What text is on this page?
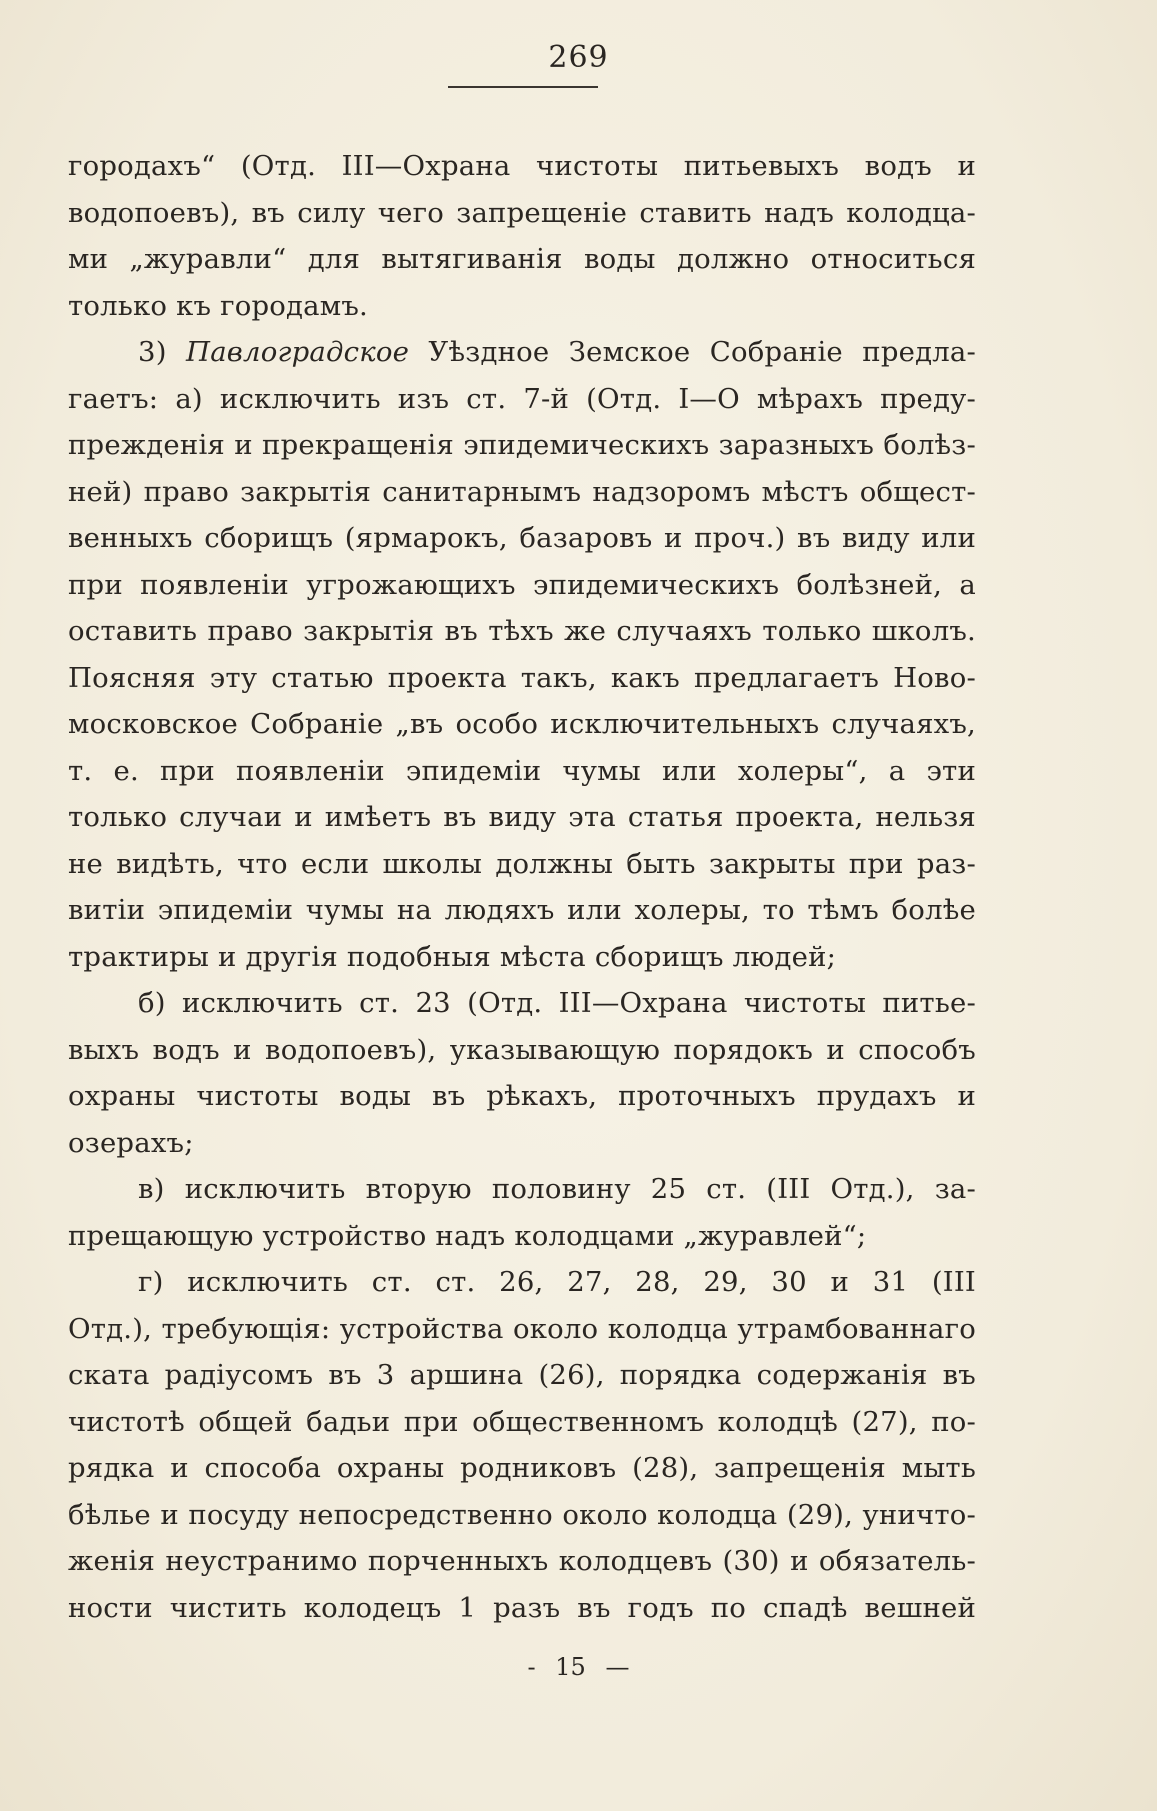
269
городахъ“ (Отд. III—Охрана чистоты питьевыхъ водъ и
водопоевъ), въ силу чего запрещеніе ставить надъ колодца-
ми „журавли“ для вытягиванія воды должно относиться
только къ городамъ.
3) Павлоградское Уѣздное Земское Собраніе предла-
гаетъ: а) исключить изъ ст. 7-й (Отд. I—О мѣрахъ преду-
прежденія и прекращенія эпидемическихъ заразныхъ болѣз-
ней) право закрытія санитарнымъ надзоромъ мѣстъ общест-
венныхъ сборищъ (ярмарокъ, базаровъ и проч.) въ виду или
при появленіи угрожающихъ эпидемическихъ болѣзней, а
оставить право закрытія въ тѣхъ же случаяхъ только школъ.
Поясняя эту статью проекта такъ, какъ предлагаетъ Ново-
московское Собраніе „въ особо исключительныхъ случаяхъ,
т. е. при появленіи эпидеміи чумы или холеры“, а эти
только случаи и имѣетъ въ виду эта статья проекта, нельзя
не видѣть, что если школы должны быть закрыты при раз-
витіи эпидеміи чумы на людяхъ или холеры, то тѣмъ болѣе
трактиры и другія подобныя мѣста сборищъ людей;
б) исключить ст. 23 (Отд. III—Охрана чистоты питье-
выхъ водъ и водопоевъ), указывающую порядокъ и способъ
охраны чистоты воды въ рѣкахъ, проточныхъ прудахъ и
озерахъ;
в) исключить вторую половину 25 ст. (III Отд.), за-
прещающую устройство надъ колодцами „журавлей“;
г) исключить ст. ст. 26, 27, 28, 29, 30 и 31 (III
Отд.), требующія: устройства около колодца утрамбованнаго
ската радіусомъ въ 3 аршина (26), порядка содержанія въ
чистотѣ общей бадьи при общественномъ колодцѣ (27), по-
рядка и способа охраны родниковъ (28), запрещенія мыть
бѣлье и посуду непосредственно около колодца (29), уничто-
женія неустранимо порченныхъ колодцевъ (30) и обязатель-
ности чистить колодецъ 1 разъ въ годъ по спадѣ вешней
- 15 —
